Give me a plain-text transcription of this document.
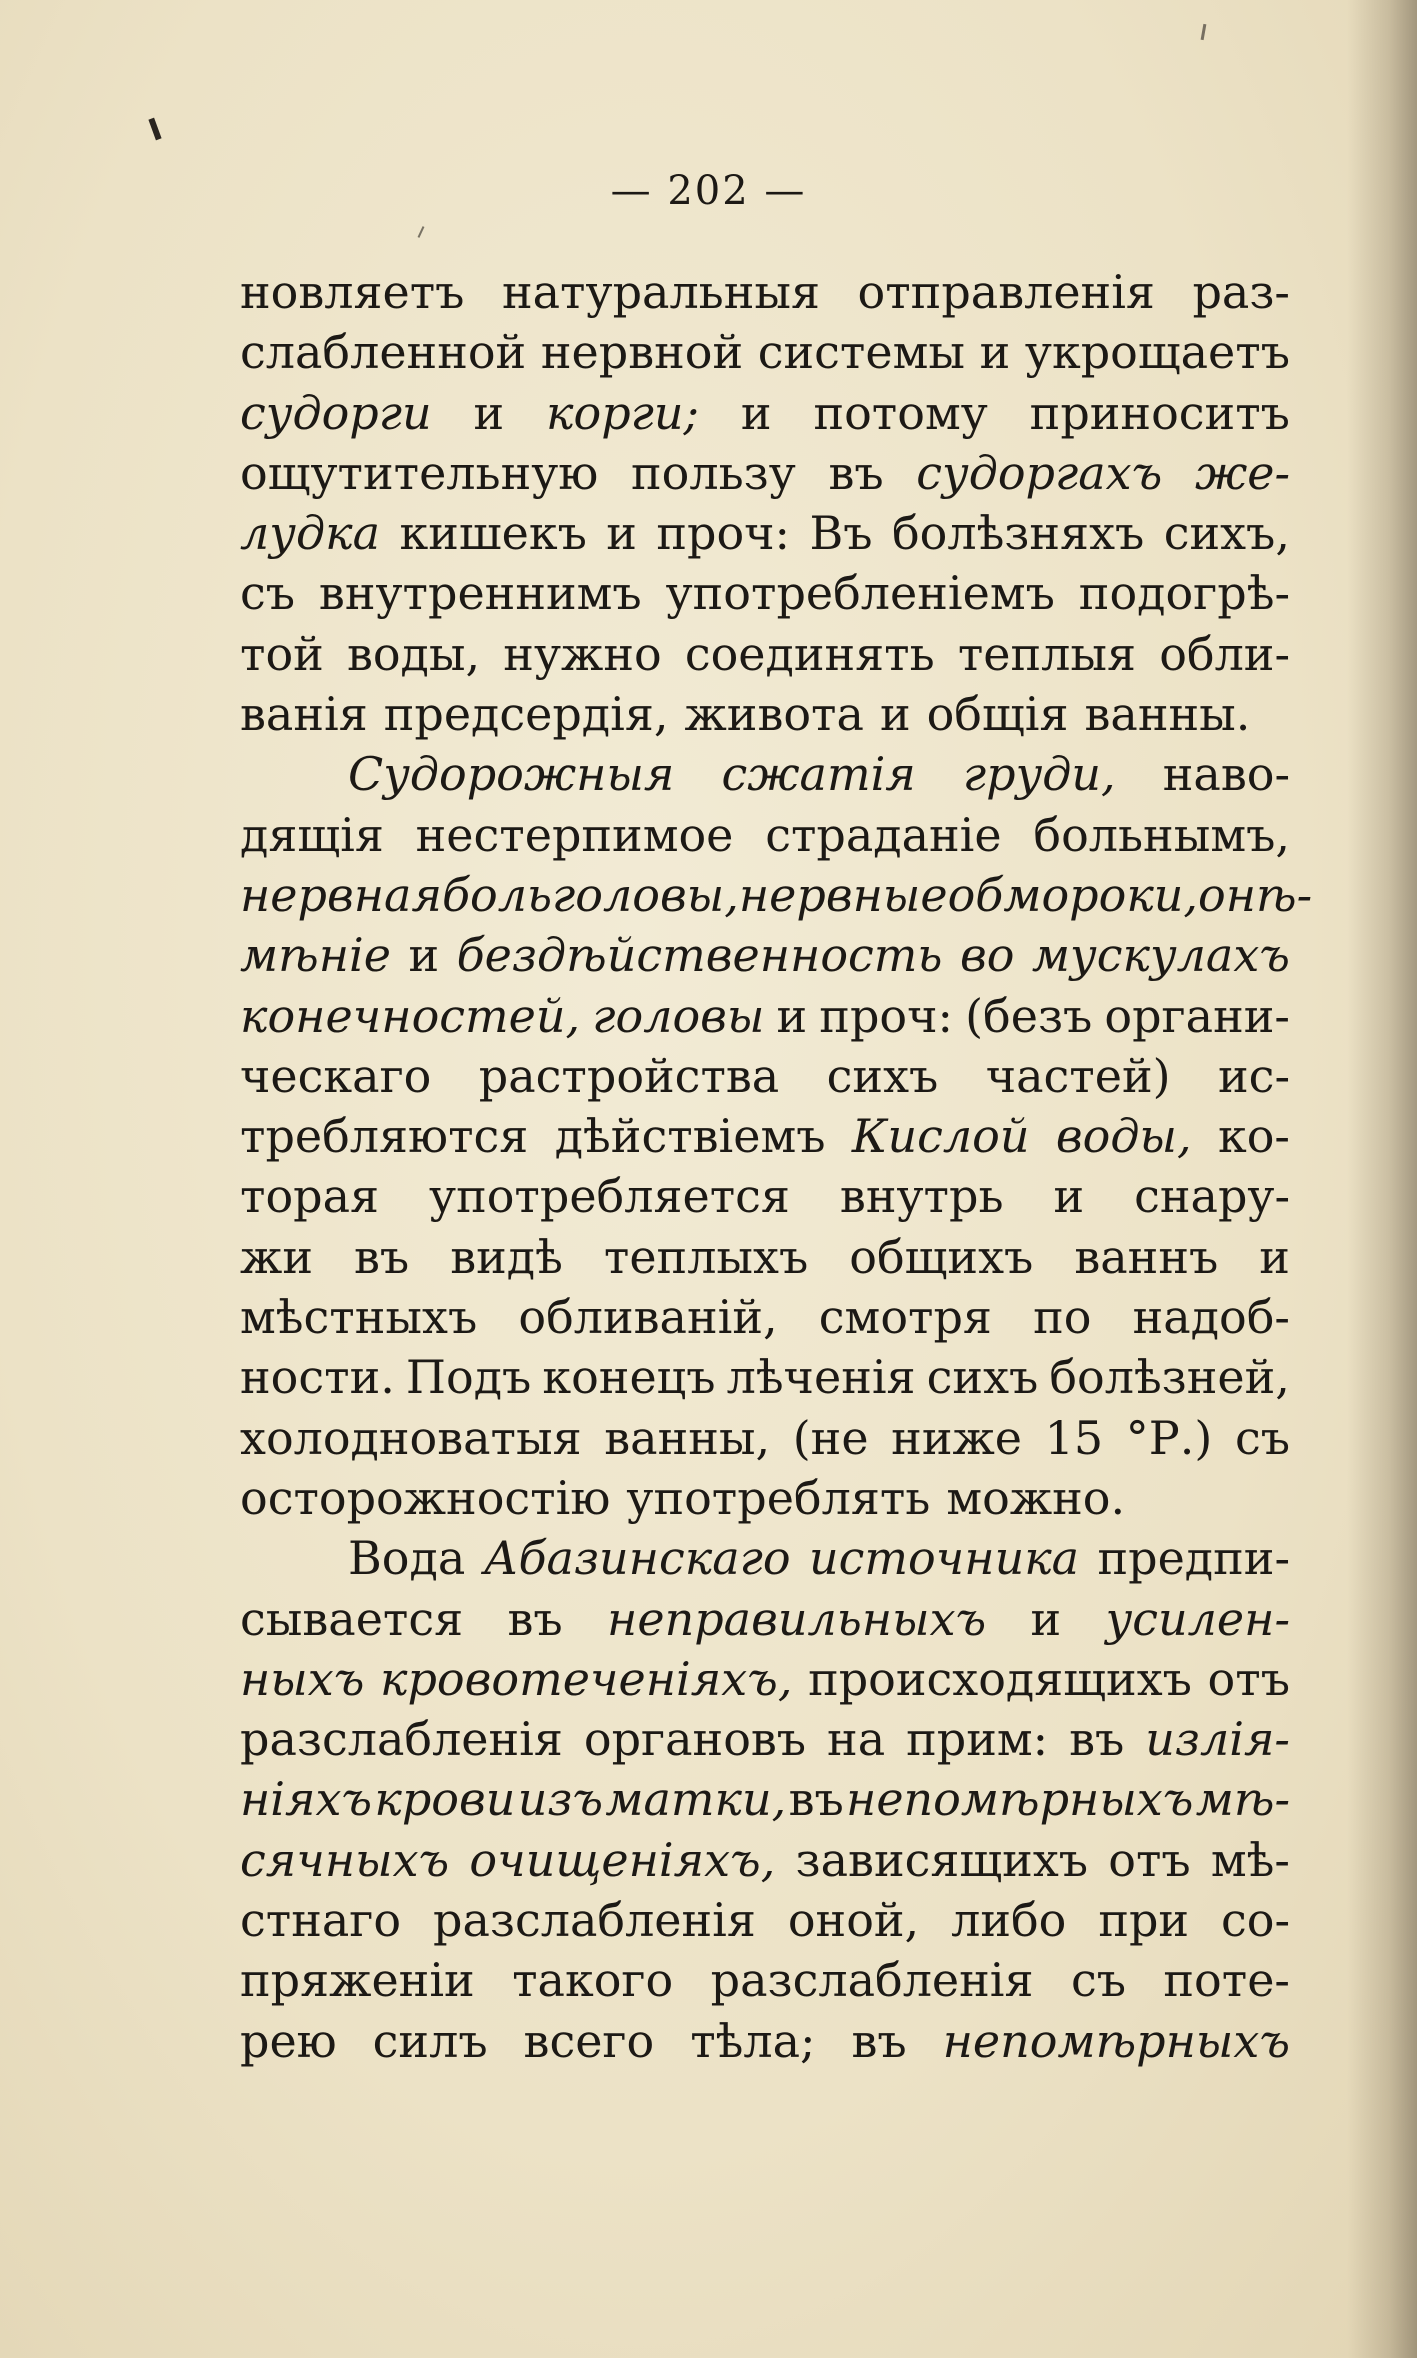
— 202 —
новляетъ натуральныя отправленія раз-
слабленной нервной системы и укрощаетъ
судорги и корги; и потому приноситъ
ощутительную пользу въ судоргахъ же-
лудка кишекъ и проч: Въ болѣзняхъ сихъ,
съ внутреннимъ употребленіемъ подогрѣ-
той воды, нужно соединять теплыя обли-
ванія предсердія, живота и общія ванны.
Судорожныя сжатія груди, наво-
дящія нестерпимое страданіе больнымъ,
нервная боль головы, нервные обмороки, онѣ-
мѣніе и бездѣйственность во мускулахъ
конечностей, головы и проч: (безъ органи-
ческаго растройства сихъ частей) ис-
требляются дѣйствіемъ Кислой воды, ко-
торая употребляется внутрь и снару-
жи въ видѣ теплыхъ общихъ ваннъ и
мѣстныхъ обливаній, смотря по надоб-
ности. Подъ конецъ лѣченія сихъ болѣзней,
холодноватыя ванны, (не ниже 15 °Р.) съ
осторожностію употреблять можно.
Вода Абазинскаго источника предпи-
сывается въ неправильныхъ и усилен-
ныхъ кровотеченіяхъ, происходящихъ отъ
разслабленія органовъ на прим: въ излія-
ніяхъ крови изъ матки, въ непомѣрныхъ мѣ-
сячныхъ очищеніяхъ, зависящихъ отъ мѣ-
стнаго разслабленія оной, либо при со-
пряженіи такого разслабленія съ поте-
рею силъ всего тѣла; въ непомѣрныхъ
